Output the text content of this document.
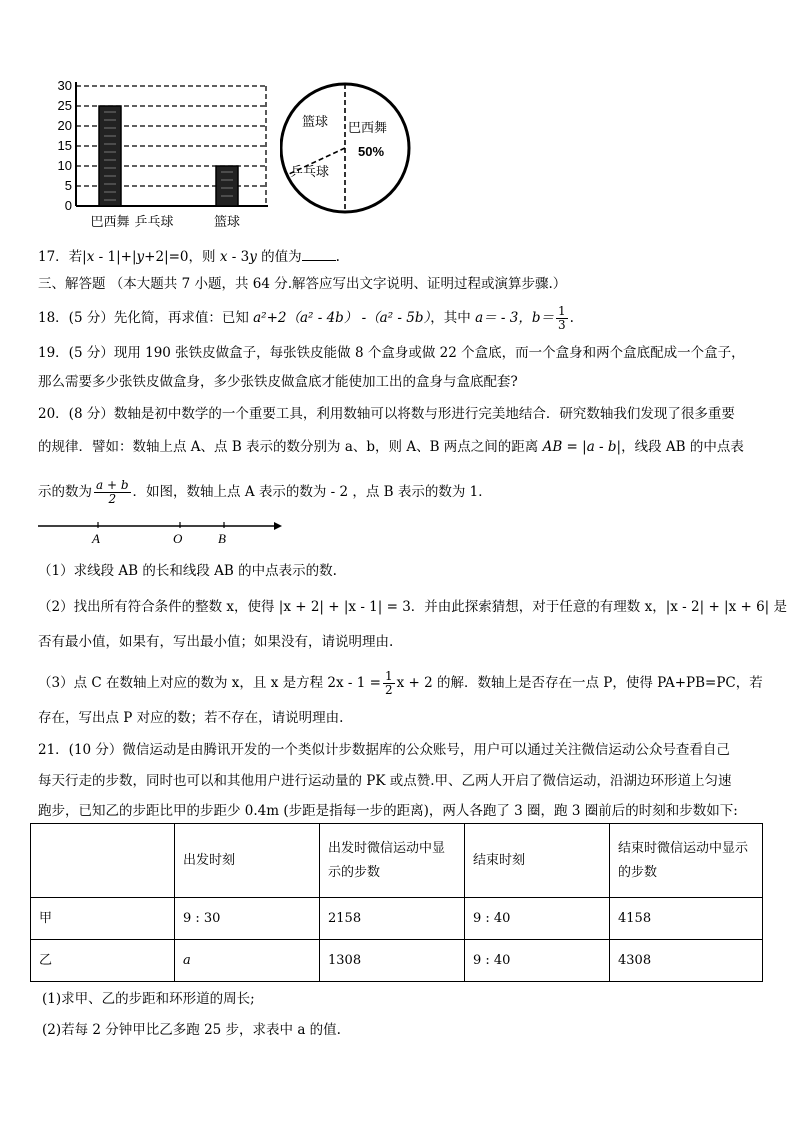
0
5
10
15
20
25
30
巴西舞 乒乓球	篮球
篮球 巴西舞
50%
乒乓球
17．若|x - 1|+|y+2|=0，则 x - 3y 的值为	.
三、解答题 （本大题共 7 小题，共 64 分.解答应写出文字说明、证明过程或演算步骤.）
18．(5 分）先化简，再求值：已知 a²+2（a² - 4b） -（a² - 5b），其中 a＝ - 3，$b= \frac{1}{3}$ .
19．(5 分）现用 190 张铁皮做盒子，每张铁皮能做 8 个盒身或做 22 个盒底，而一个盒身和两个盒底配成一个盒子，
那么需要多少张铁皮做盒身，多少张铁皮做盒底才能使加工出的盒身与盒底配套?
20．(8 分）数轴是初中数学的一个重要工具，利用数轴可以将数与形进行完美地结合．研究数轴我们发现了很多重要
的规律．譬如：数轴上点 A、点 B 表示的数分别为 a、b，则 A、B 两点之间的距离 AB = |a - b|，线段 AB 的中点表
示的数为 $\frac{a + b}{2}$ ．如图，数轴上点 A 表示的数为 - 2 ，点 B 表示的数为 1．
A	O	B
（1）求线段 AB 的长和线段 AB 的中点表示的数.
（2）找出所有符合条件的整数 x，使得 |x + 2| + |x - 1| = 3．并由此探索猜想，对于任意的有理数 x，|x - 2| + |x + 6| 是
否有最小值，如果有，写出最小值；如果没有，请说明理由.
（3）点 C 在数轴上对应的数为 x，且 x 是方程 $2x - 1 = \frac{1}{2}$ x + 2 的解．数轴上是否存在一点 P，使得 PA+PB=PC，若
存在，写出点 P 对应的数；若不存在，请说明理由.
21．(10 分）微信运动是由腾讯开发的一个类似计步数据库的公众账号，用户可以通过关注微信运动公众号查看自己
每天行走的步数，同时也可以和其他用户进行运动量的 PK 或点赞.甲、乙两人开启了微信运动，沿湖边环形道上匀速
跑步，已知乙的步距比甲的步距少 0.4m (步距是指每一步的距离)，两人各跑了 3 圈，跑 3 圈前后的时刻和步数如下:
	出发时刻	出发时微信运动中显示的步数	结束时刻	结束时微信运动中显示的步数
甲	9 : 30	2158	9 : 40	4158
乙	a	1308	9 : 40	4308
(1)求甲、乙的步距和环形道的周长;
(2)若每 2 分钟甲比乙多跑 25 步，求表中 a 的值.
